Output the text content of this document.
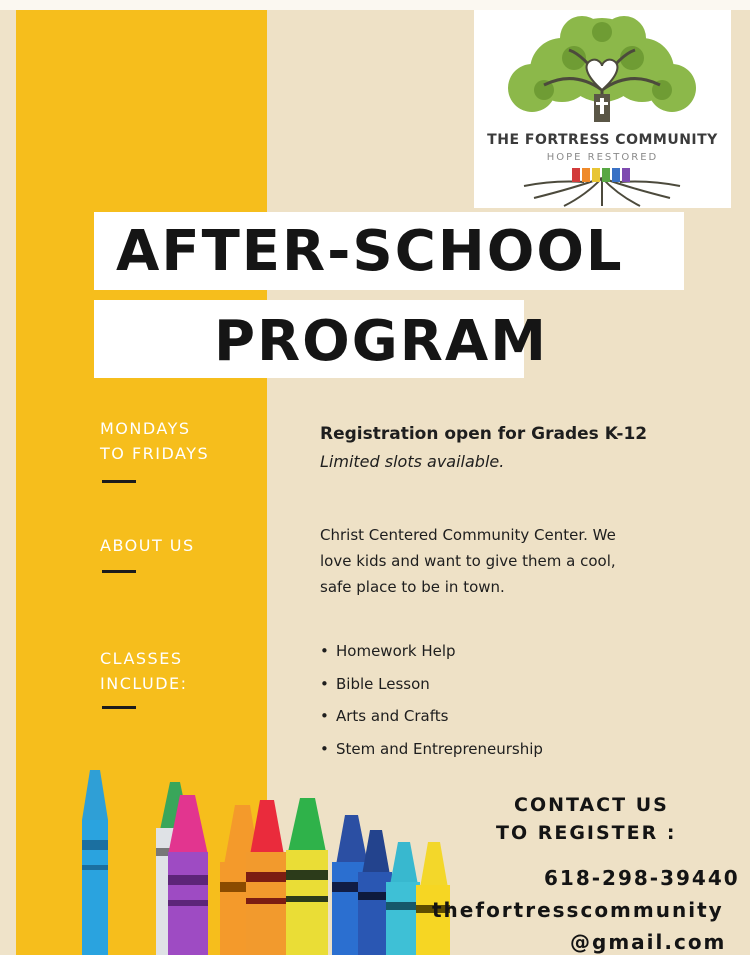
THE FORTRESS COMMUNITY
HOPE RESTORED
AFTER-SCHOOL
PROGRAM
MONDAYS
TO FRIDAYS
Registration open for Grades K-12
Limited slots available.
ABOUT US
Christ Centered Community Center. We
love kids and want to give them a cool,
safe place to be in town.
CLASSES
INCLUDE:
• Homework Help
• Bible Lesson
• Arts and Crafts
• Stem and Entrepreneurship
CONTACT US
TO REGISTER :
618-298-39440
thefortresscommunity
@gmail.com
